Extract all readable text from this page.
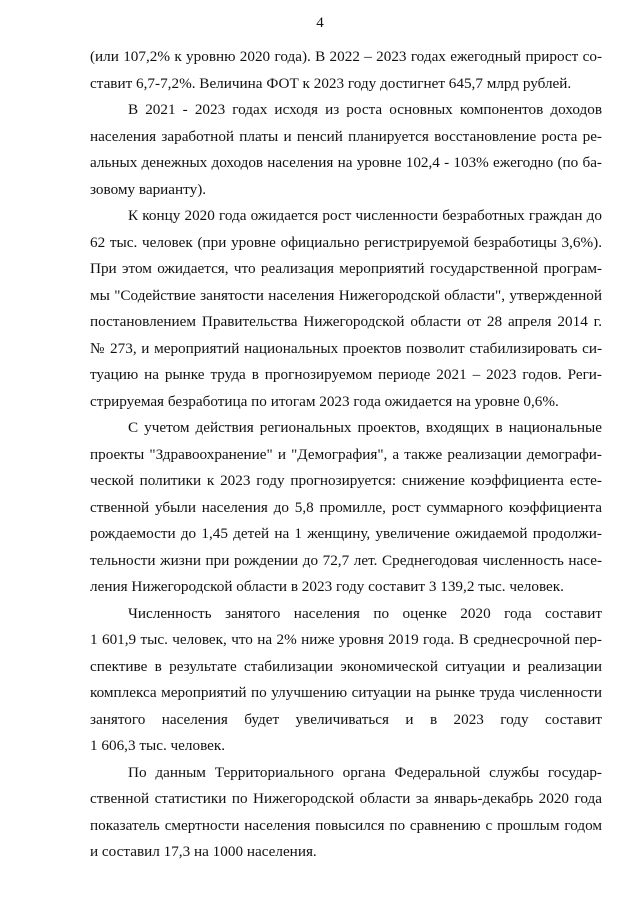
4
(или 107,2% к уровню 2020 года). В 2022 – 2023 годах ежегодный прирост со-
ставит 6,7-7,2%. Величина ФОТ к 2023 году достигнет 645,7 млрд рублей.
В 2021 - 2023 годах исходя из роста основных компонентов доходов
населения заработной платы и пенсий планируется восстановление роста ре-
альных денежных доходов населения на уровне 102,4 - 103% ежегодно (по ба-
зовому варианту).
К концу 2020 года ожидается рост численности безработных граждан до
62 тыс. человек (при уровне официально регистрируемой безработицы 3,6%).
При этом ожидается, что реализация мероприятий государственной програм-
мы "Содействие занятости населения Нижегородской области", утвержденной
постановлением Правительства Нижегородской области от 28 апреля 2014 г.
№ 273, и мероприятий национальных проектов позволит стабилизировать си-
туацию на рынке труда в прогнозируемом периоде 2021 – 2023 годов. Реги-
стрируемая безработица по итогам 2023 года ожидается на уровне 0,6%.
С учетом действия региональных проектов, входящих в национальные
проекты "Здравоохранение" и "Демография", а также реализации демографи-
ческой политики к 2023 году прогнозируется: снижение коэффициента есте-
ственной убыли населения до 5,8 промилле, рост суммарного коэффициента
рождаемости до 1,45 детей на 1 женщину, увеличение ожидаемой продолжи-
тельности жизни при рождении до 72,7 лет. Среднегодовая численность насе-
ления Нижегородской области в 2023 году составит 3 139,2 тыс. человек.
Численность занятого населения по оценке 2020 года составит
1 601,9 тыс. человек, что на 2% ниже уровня 2019 года. В среднесрочной пер-
спективе в результате стабилизации экономической ситуации и реализации
комплекса мероприятий по улучшению ситуации на рынке труда численности
занятого населения будет увеличиваться и в 2023 году составит
1 606,3 тыс. человек.
По данным Территориального органа Федеральной службы государ-
ственной статистики по Нижегородской области за январь-декабрь 2020 года
показатель смертности населения повысился по сравнению с прошлым годом
и составил 17,3 на 1000 населения.
